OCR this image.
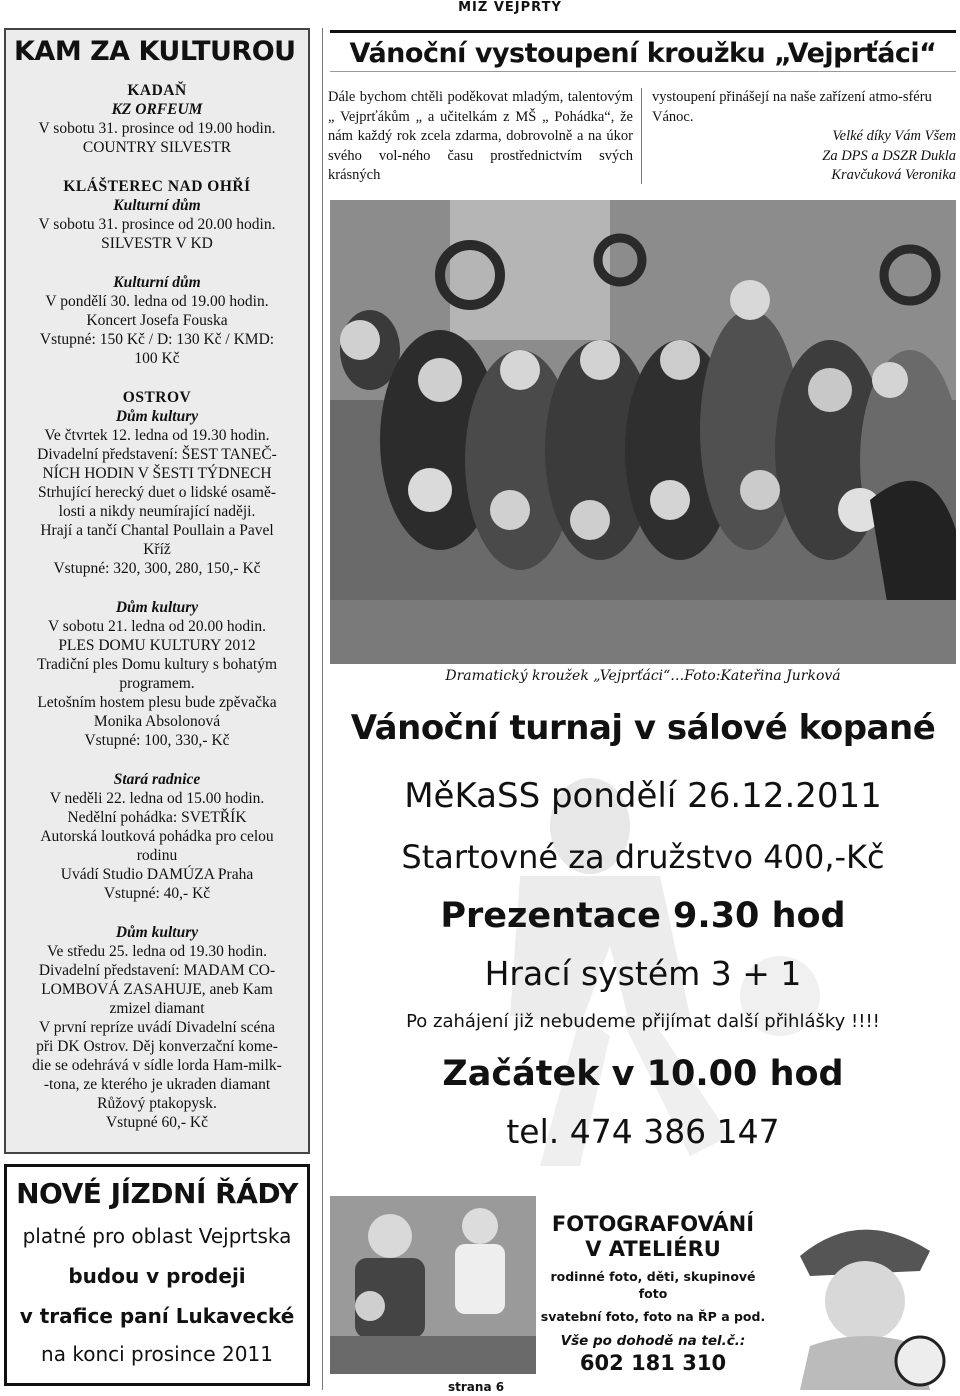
MIZ VEJPRTY
KAM ZA KULTUROU
KADAŇ
KZ ORFEUM
V sobotu 31. prosince od 19.00 hodin.
COUNTRY SILVESTR
KLÁŠTEREC NAD OHŘÍ
Kulturní dům
V sobotu 31. prosince od 20.00 hodin.
SILVESTR V KD
Kulturní dům
V pondělí 30. ledna od 19.00 hodin.
Koncert Josefa Fouska
Vstupné: 150 Kč / D: 130 Kč / KMD:
100 Kč
OSTROV
Dům kultury
Ve čtvrtek 12. ledna od 19.30 hodin.
Divadelní představení: ŠEST TANEČ-
NÍCH HODIN V ŠESTI TÝDNECH
Strhující herecký duet o lidské osamě-
losti a nikdy neumírající naději.
Hrají a tančí Chantal Poullain a Pavel
Kříž
Vstupné: 320, 300, 280, 150,- Kč
Dům kultury
V sobotu 21. ledna od 20.00 hodin.
PLES DOMU KULTURY 2012
Tradiční ples Domu kultury s bohatým
programem.
Letošním hostem plesu bude zpěvačka
Monika Absolonová
Vstupné: 100, 330,- Kč
Stará radnice
V neděli 22. ledna od 15.00 hodin.
Nedělní pohádka: SVETŘÍK
Autorská loutková pohádka pro celou
rodinu
Uvádí Studio DAMÚZA Praha
Vstupné: 40,- Kč
Dům kultury
Ve středu 25. ledna od 19.30 hodin.
Divadelní představení: MADAM CO-
LOMBOVÁ ZASAHUJE, aneb Kam
zmizel diamant
V první repríze uvádí Divadelní scéna
při DK Ostrov. Děj konverzační kome-
die se odehrává v sídle lorda Ham-milk-
-tona, ze kterého je ukraden diamant
Růžový ptakopysk.
Vstupné 60,- Kč
NOVÉ JÍZDNÍ ŘÁDY
platné pro oblast Vejprtska
budou v prodeji
v trafice paní Lukavecké
na konci prosince 2011
Vánoční vystoupení kroužku „Vejprťáci“
Dále bychom chtěli poděkovat mladým, talentovým „ Vejprťákům „ a učitelkám z MŠ „ Pohádka“, že nám každý rok zcela zdarma, dobrovolně a na úkor svého vol-ného času prostřednictvím svých krásných
vystoupení přinášejí na naše zařízení atmo-sféru Vánoc.
Velké díky Vám Všem
Za DPS a DSZR Dukla
Kravčuková Veronika
Dramatický kroužek „Vejprťáci“…Foto:Kateřina Jurková
Vánoční turnaj v sálové kopané
MěKaSS pondělí 26.12.2011
Startovné za družstvo 400,-Kč
Prezentace 9.30 hod
Hrací systém 3 + 1
Po zahájení již nebudeme přijímat další přihlášky !!!!
Začátek v 10.00 hod
tel. 474 386 147
FOTOGRAFOVÁNÍ
V ATELIÉRU
rodinné foto, děti, skupinové foto
svatební foto, foto na ŘP a pod.
Vše po dohodě na tel.č.:
602 181 310
strana 6
